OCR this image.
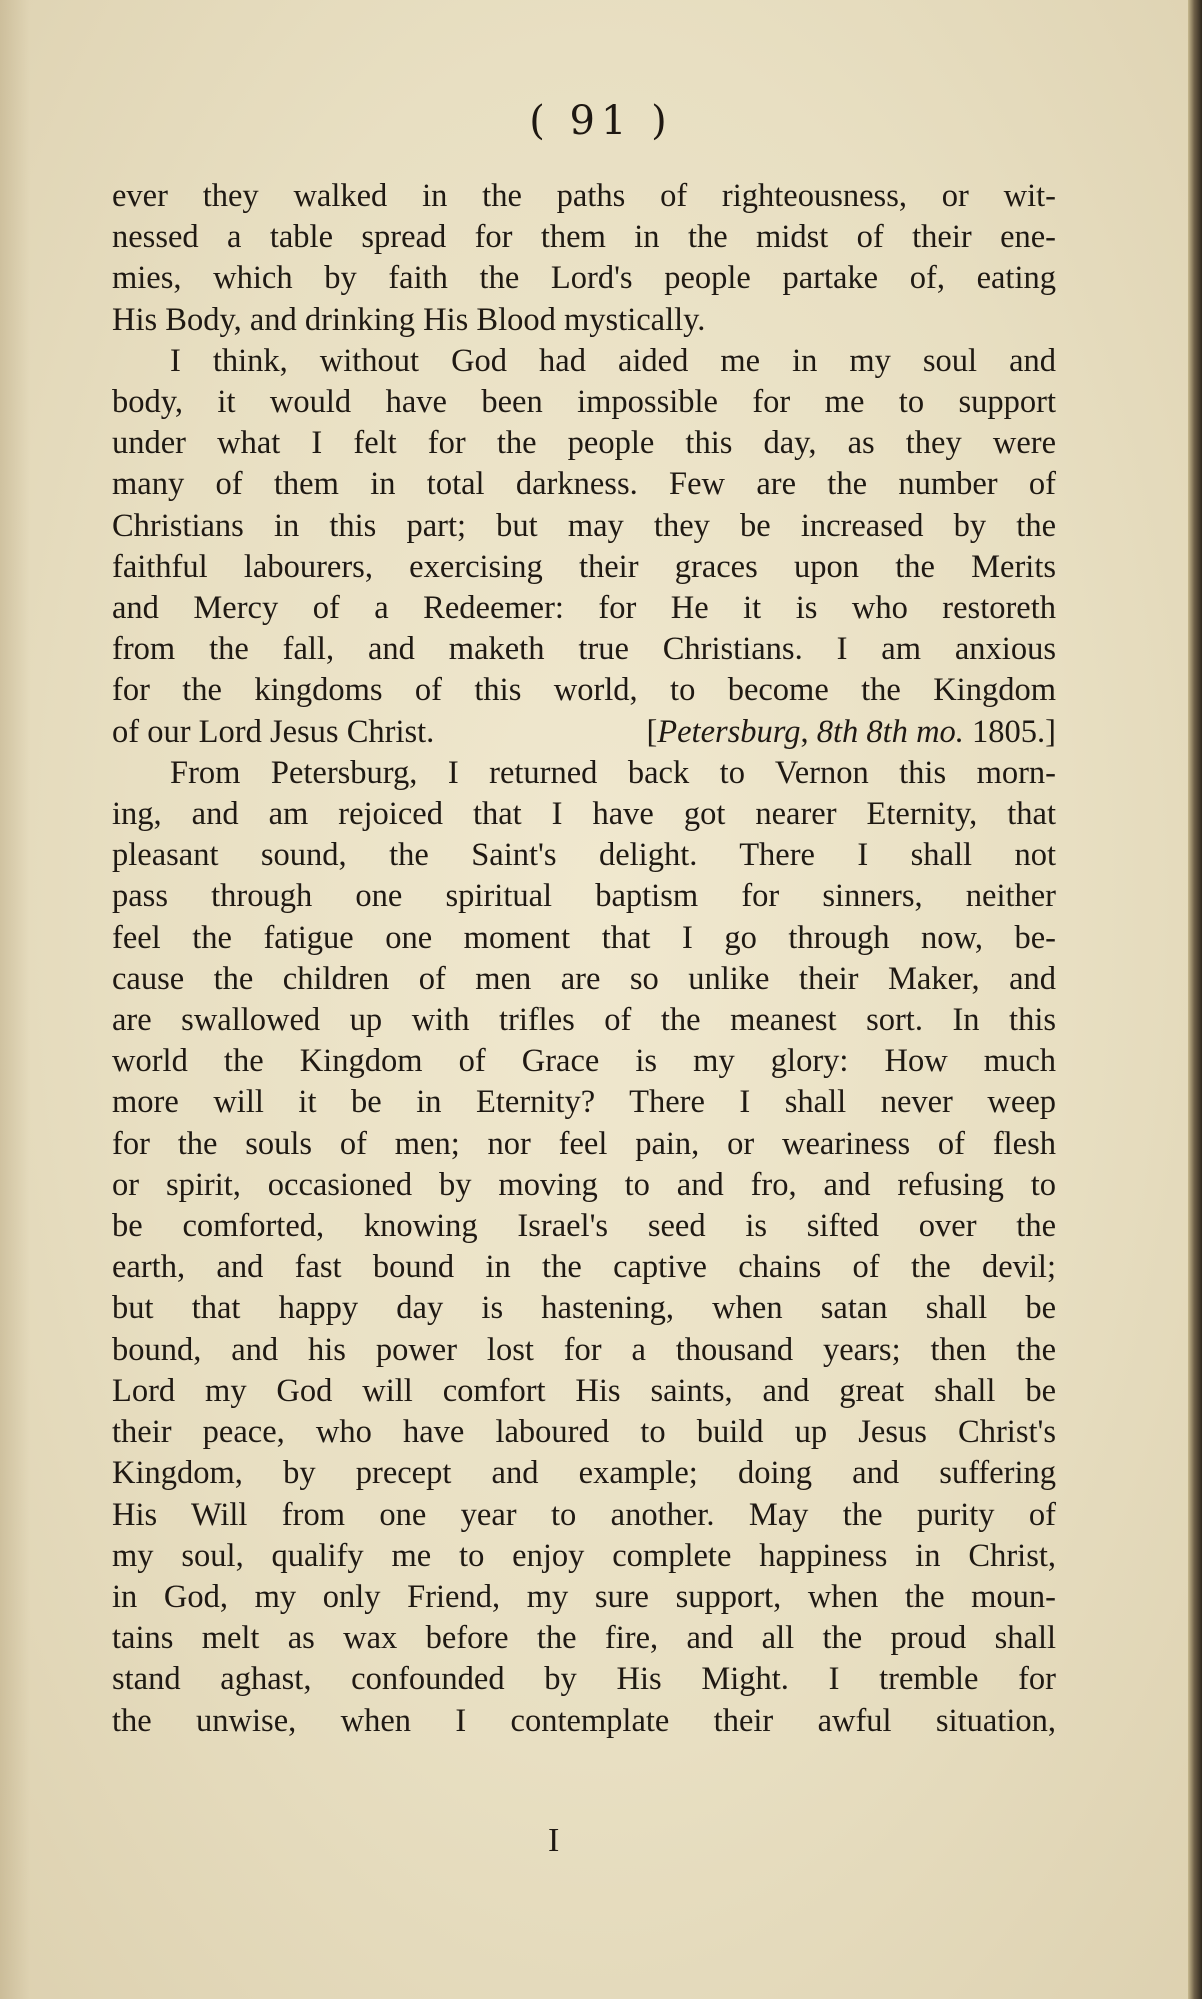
( 91 )
ever they walked in the paths of righteousness, or wit-
nessed a table spread for them in the midst of their ene-
mies, which by faith the Lord's people partake of, eating
His Body, and drinking His Blood mystically.
I think, without God had aided me in my soul and
body, it would have been impossible for me to support
under what I felt for the people this day, as they were
many of them in total darkness. Few are the number of
Christians in this part; but may they be increased by the
faithful labourers, exercising their graces upon the Merits
and Mercy of a Redeemer: for He it is who restoreth
from the fall, and maketh true Christians. I am anxious
for the kingdoms of this world, to become the Kingdom
of our Lord Jesus Christ.	[Petersburg, 8th 8th mo. 1805.]
From Petersburg, I returned back to Vernon this morn-
ing, and am rejoiced that I have got nearer Eternity, that
pleasant sound, the Saint's delight. There I shall not
pass through one spiritual baptism for sinners, neither
feel the fatigue one moment that I go through now, be-
cause the children of men are so unlike their Maker, and
are swallowed up with trifles of the meanest sort. In this
world the Kingdom of Grace is my glory: How much
more will it be in Eternity? There I shall never weep
for the souls of men; nor feel pain, or weariness of flesh
or spirit, occasioned by moving to and fro, and refusing to
be comforted, knowing Israel's seed is sifted over the
earth, and fast bound in the captive chains of the devil;
but that happy day is hastening, when satan shall be
bound, and his power lost for a thousand years; then the
Lord my God will comfort His saints, and great shall be
their peace, who have laboured to build up Jesus Christ's
Kingdom, by precept and example; doing and suffering
His Will from one year to another. May the purity of
my soul, qualify me to enjoy complete happiness in Christ,
in God, my only Friend, my sure support, when the moun-
tains melt as wax before the fire, and all the proud shall
stand aghast, confounded by His Might. I tremble for
the unwise, when I contemplate their awful situation,
I
